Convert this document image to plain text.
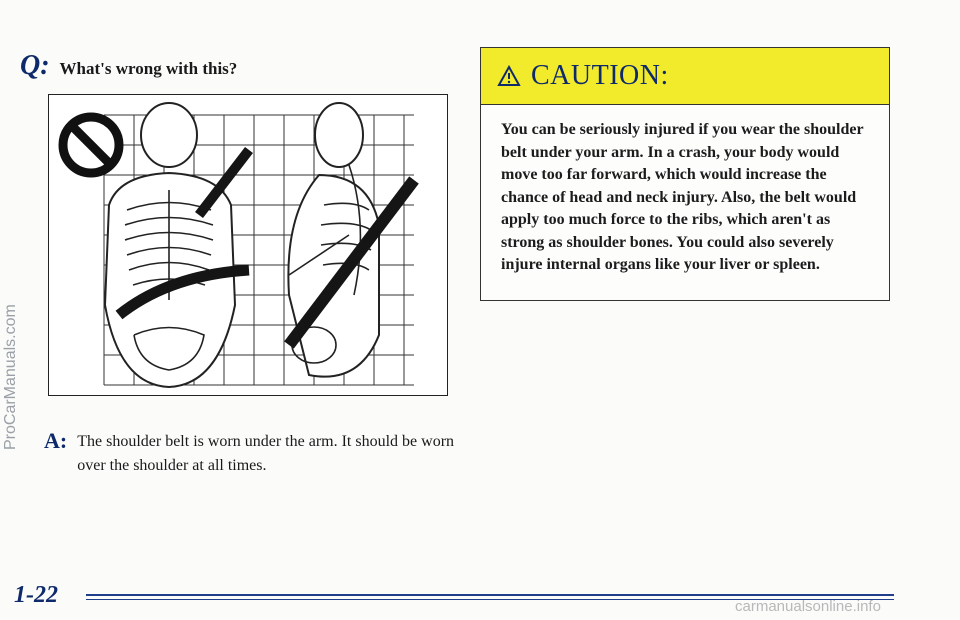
ProCarManuals.com
Q: What's wrong with this?	CAUTION:
You can be seriously injured if you wear the shoulder belt under your arm. In a crash, your body would move too far forward, which would increase the chance of head and neck injury. Also, the belt would apply too much force to the ribs, which aren't as strong as shoulder bones. You could also severely injure internal organs like your liver or spleen.
A: The shoulder belt is worn under the arm. It should be worn over the shoulder at all times.
1-22	carmanualsonline.info
